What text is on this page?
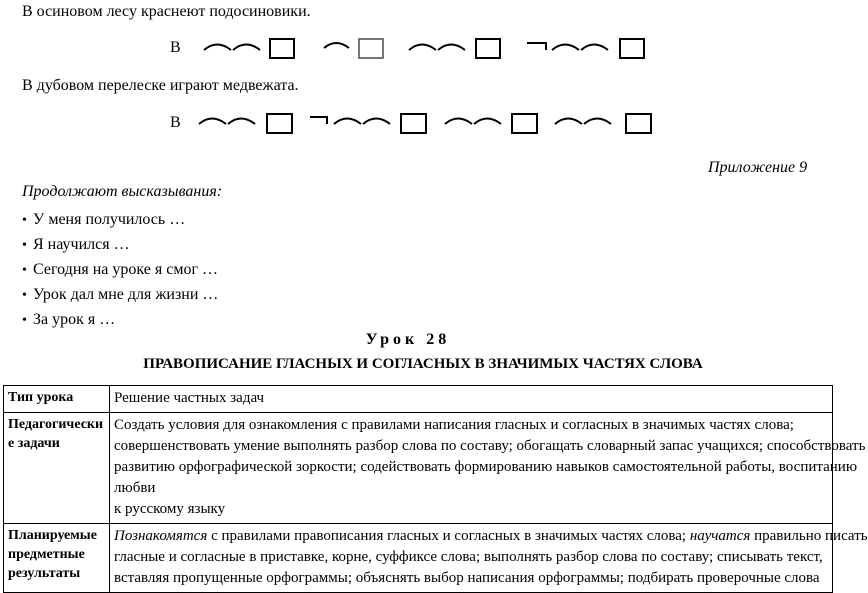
В осиновом лесу краснеют подосиновики.
В
В дубовом перелеске играют медвежата.
В
Приложение 9
Продолжают высказывания:
• У меня получилось …
• Я научился …
• Сегодня на уроке я смог …
• Урок дал мне для жизни …
• За урок я …
Урок 28
ПРАВОПИСАНИЕ ГЛАСНЫХ И СОГЛАСНЫХ В ЗНАЧИМЫХ ЧАСТЯХ СЛОВА
Тип урока	Решение частных задач

Педагогические задачи	Создать условия для ознакомления с правилами написания гласных и согласных в значимых частях слова;
совершенствовать умение выполнять разбор слова по составу; обогащать словарный запас учащихся; способствовать
развитию орфографической зоркости; содействовать формированию навыков самостоятельной работы, воспитанию
любви
к русскому языку

Планируемые предметные результаты	Познакомятся с правилами правописания гласных и согласных в значимых частях слова; научатся правильно писать
гласные и согласные в приставке, корне, суффиксе слова; выполнять разбор слова по составу; списывать текст,
вставляя пропущенные орфограммы; объяснять выбор написания орфограммы; подбирать проверочные слова
